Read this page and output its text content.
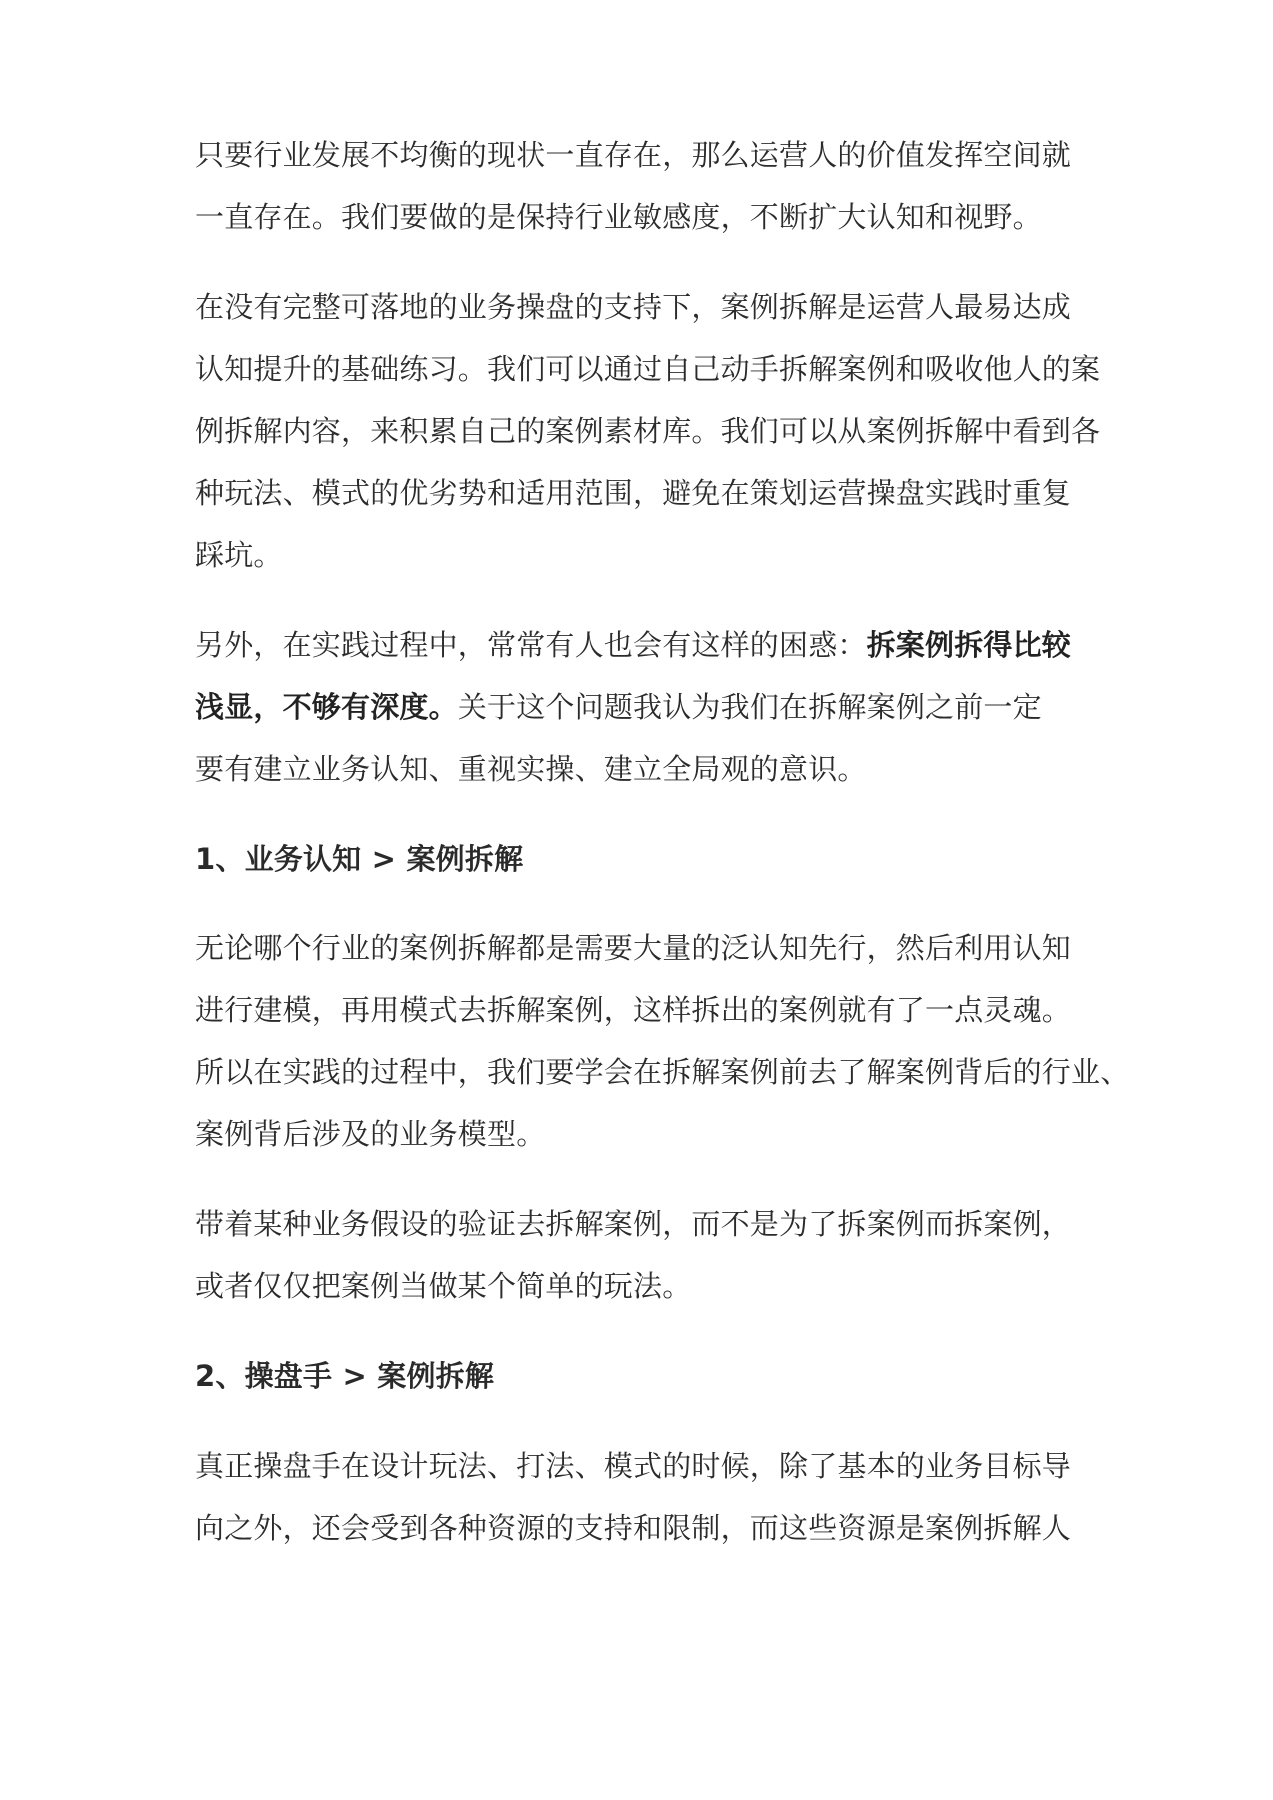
只要行业发展不均衡的现状一直存在，那么运营人的价值发挥空间就
一直存在。我们要做的是保持行业敏感度，不断扩大认知和视野。
在没有完整可落地的业务操盘的支持下，案例拆解是运营人最易达成
认知提升的基础练习。我们可以通过自己动手拆解案例和吸收他人的案
例拆解内容，来积累自己的案例素材库。我们可以从案例拆解中看到各
种玩法、模式的优劣势和适用范围，避免在策划运营操盘实践时重复
踩坑。
另外，在实践过程中，常常有人也会有这样的困惑：拆案例拆得比较
浅显，不够有深度。关于这个问题我认为我们在拆解案例之前一定
要有建立业务认知、重视实操、建立全局观的意识。
1、业务认知 > 案例拆解
无论哪个行业的案例拆解都是需要大量的泛认知先行，然后利用认知
进行建模，再用模式去拆解案例，这样拆出的案例就有了一点灵魂。
所以在实践的过程中，我们要学会在拆解案例前去了解案例背后的行业、
案例背后涉及的业务模型。
带着某种业务假设的验证去拆解案例，而不是为了拆案例而拆案例，
或者仅仅把案例当做某个简单的玩法。
2、操盘手 > 案例拆解
真正操盘手在设计玩法、打法、模式的时候，除了基本的业务目标导
向之外，还会受到各种资源的支持和限制，而这些资源是案例拆解人
